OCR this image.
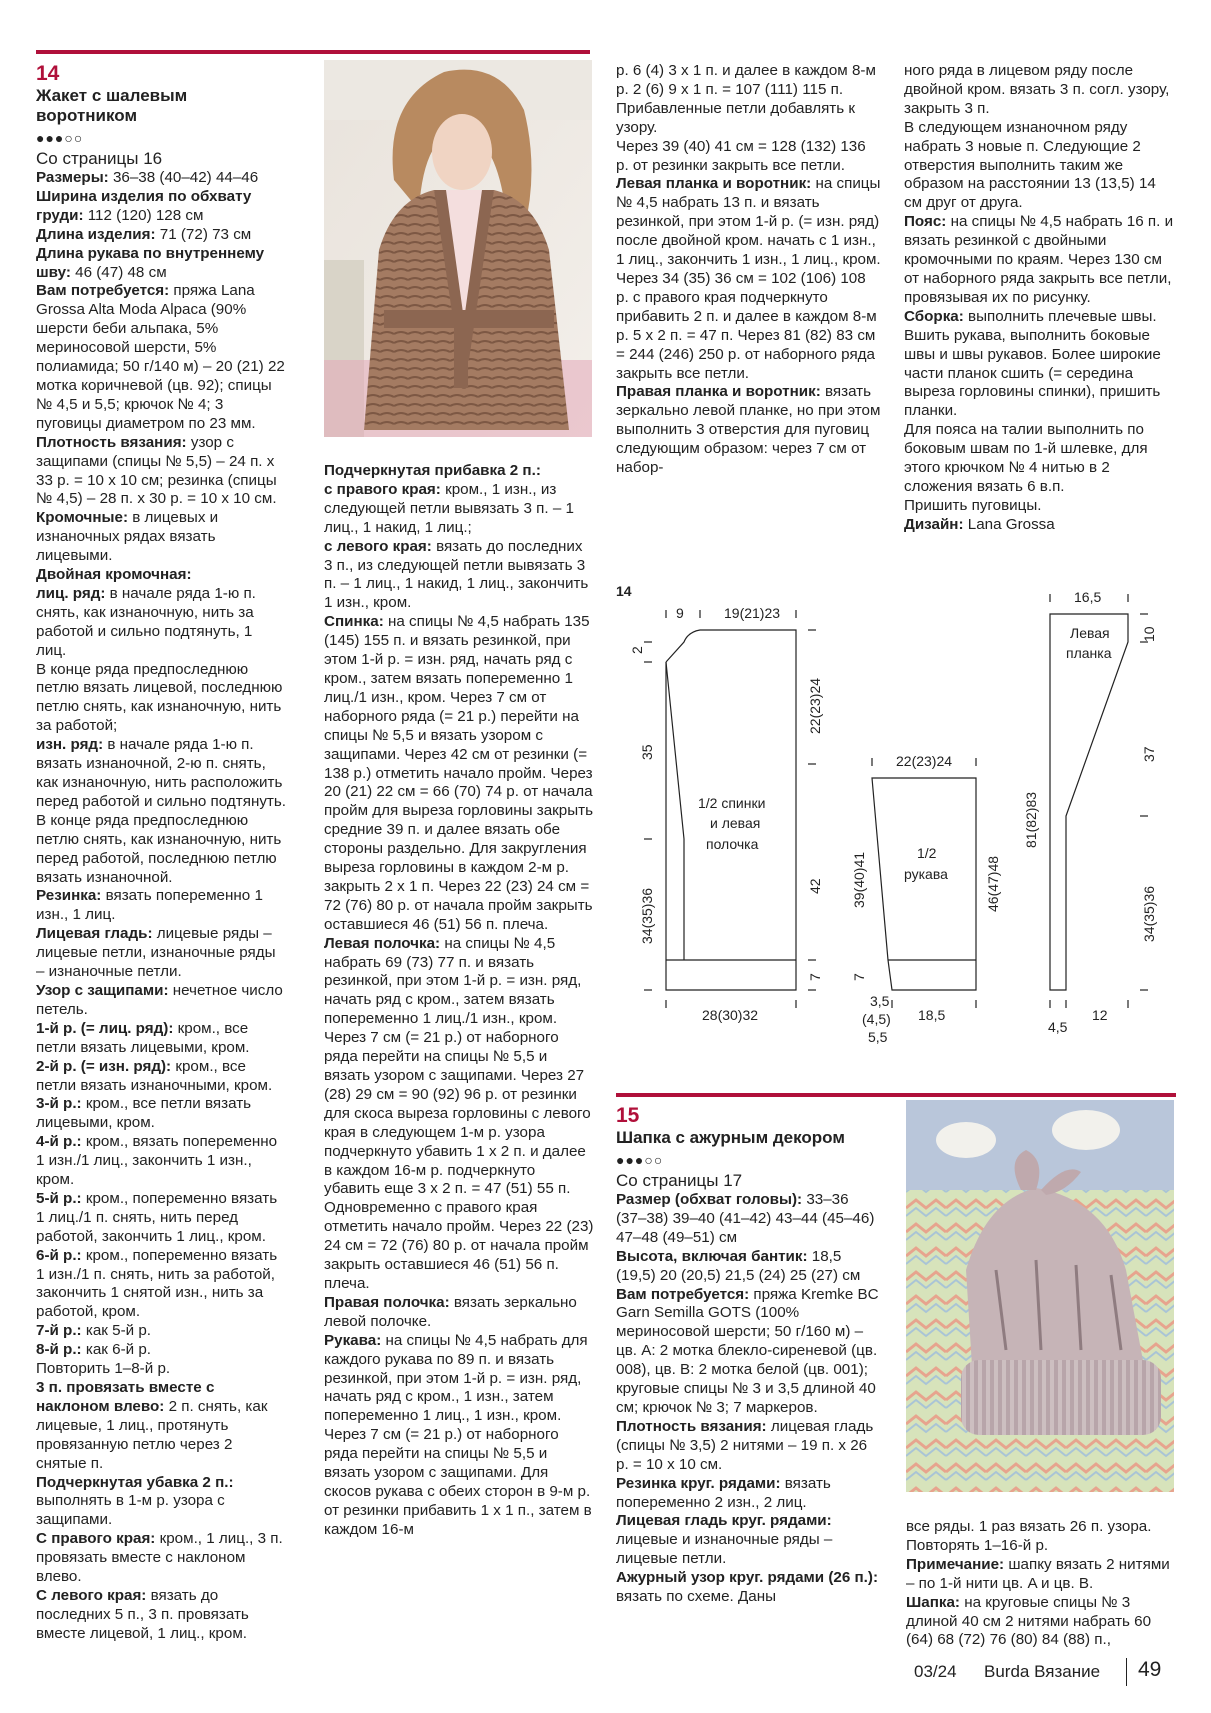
14
Жакет с шалевым воротником
●●●○○
Со страницы 16

Размеры: 36–38 (40–42) 44–46

Ширина изделия по обхвату груди: 112 (120) 128 см

Длина изделия: 71 (72) 73 см

Длина рукава по внутреннему шву: 46 (47) 48 см

Вам потребуется: пряжа Lana Grossa Alta Moda Alpaca (90% шерсти беби альпака, 5% мериносовой шерсти, 5% полиамида; 50 г/140 м) – 20 (21) 22 мотка коричневой (цв. 92); спицы № 4,5 и 5,5; крючок № 4; 3 пуговицы диаметром по 23 мм.

Плотность вязания: узор с защипами (спицы № 5,5) – 24 п. х 33 р. = 10 х 10 см; резинка (спицы № 4,5) – 28 п. х 30 р. = 10 х 10 см.

Кромочные: в лицевых и изнаночных рядах вязать лицевыми.

Двойная кромочная:

лиц. ряд: в начале ряда 1-ю п. снять, как изнаночную, нить за работой и сильно подтянуть, 1 лиц.

В конце ряда предпоследнюю петлю вязать лицевой, последнюю петлю снять, как изнаночную, нить за работой;

изн. ряд: в начале ряда 1-ю п. вязать изнаночной, 2-ю п. снять, как изнаночную, нить расположить перед работой и сильно подтянуть.

В конце ряда предпоследнюю петлю снять, как изнаночную, нить перед работой, последнюю петлю вязать изнаночной.

Резинка: вязать попеременно 1 изн., 1 лиц.

Лицевая гладь: лицевые ряды – лицевые петли, изнаночные ряды – изнаночные петли.

Узор с защипами: нечетное число петель.

1-й р. (= лиц. ряд): кром., все петли вязать лицевыми, кром.

2-й р. (= изн. ряд): кром., все петли вязать изнаночными, кром.

3-й р.: кром., все петли вязать лицевыми, кром.

4-й р.: кром., вязать попеременно 1 изн./1 лиц., закончить 1 изн., кром.

5-й р.: кром., попеременно вязать 1 лиц./1 п. снять, нить перед работой, закончить 1 лиц., кром.

6-й р.: кром., попеременно вязать 1 изн./1 п. снять, нить за работой, закончить 1 снятой изн., нить за работой, кром.

7-й р.: как 5-й р.

8-й р.: как 6-й р.

Повторить 1–8-й р.

3 п. провязать вместе с наклоном влево: 2 п. снять, как лицевые, 1 лиц., протянуть провязанную петлю через 2 снятые п.

Подчеркнутая убавка 2 п.: выполнять в 1-м р. узора с защипами.

С правого края: кром., 1 лиц., 3 п. провязать вместе с наклоном влево.

С левого края: вязать до последних 5 п., 3 п. провязать вместе лицевой, 1 лиц., кром.

Подчеркнутая прибавка 2 п.:

с правого края: кром., 1 изн., из следующей петли вывязать 3 п. – 1 лиц., 1 накид, 1 лиц.;

с левого края: вязать до последних 3 п., из следующей петли вывязать 3 п. – 1 лиц., 1 накид, 1 лиц., закончить 1 изн., кром.

Спинка: на спицы № 4,5 набрать 135 (145) 155 п. и вязать резинкой, при этом 1-й р. = изн. ряд, начать ряд с кром., затем вязать попеременно 1 лиц./1 изн., кром. Через 7 см от наборного ряда (= 21 р.) перейти на спицы № 5,5 и вязать узором с защипами. Через 42 см от резинки (= 138 р.) отметить начало пройм. Через 20 (21) 22 см = 66 (70) 74 р. от начала пройм для выреза горловины закрыть средние 39 п. и далее вязать обе стороны раздельно. Для закругления выреза горловины в каждом 2-м р. закрыть 2 х 1 п. Через 22 (23) 24 см = 72 (76) 80 р. от начала пройм закрыть оставшиеся 46 (51) 56 п. плеча.

Левая полочка: на спицы № 4,5 набрать 69 (73) 77 п. и вязать резинкой, при этом 1-й р. = изн. ряд, начать ряд с кром., затем вязать попеременно 1 лиц./1 изн., кром. Через 7 см (= 21 р.) от наборного ряда перейти на спицы № 5,5 и вязать узором с защипами. Через 27 (28) 29 см = 90 (92) 96 р. от резинки для скоса выреза горловины с левого края в следующем 1-м р. узора подчеркнуто убавить 1 х 2 п. и далее в каждом 16-м р. подчеркнуто убавить еще 3 х 2 п. = 47 (51) 55 п. Одновременно с правого края отметить начало пройм. Через 22 (23) 24 см = 72 (76) 80 р. от начала пройм закрыть оставшиеся 46 (51) 56 п. плеча.

Правая полочка: вязать зеркально левой полочке.

Рукава: на спицы № 4,5 набрать для каждого рукава по 89 п. и вязать резинкой, при этом 1-й р. = изн. ряд, начать ряд с кром., 1 изн., затем попеременно 1 лиц., 1 изн., кром. Через 7 см (= 21 р.) от наборного ряда перейти на спицы № 5,5 и вязать узором с защипами. Для скосов рукава с обеих сторон в 9-м р. от резинки прибавить 1 х 1 п., затем в каждом 16-м

р. 6 (4) 3 х 1 п. и далее в каждом 8-м р. 2 (6) 9 х 1 п. = 107 (111) 115 п.

Прибавленные петли добавлять к узору.

Через 39 (40) 41 см = 128 (132) 136 р. от резинки закрыть все петли.

Левая планка и воротник: на спицы № 4,5 набрать 13 п. и вязать резинкой, при этом 1-й р. (= изн. ряд) после двойной кром. начать с 1 изн., 1 лиц., закончить 1 изн., 1 лиц., кром.

Через 34 (35) 36 см = 102 (106) 108 р. с правого края подчеркнуто прибавить 2 п. и далее в каждом 8-м р. 5 х 2 п. = 47 п. Через 81 (82) 83 см = 244 (246) 250 р. от наборного ряда закрыть все петли.

Правая планка и воротник: вязать зеркально левой планке, но при этом выполнить 3 отверстия для пуговиц следующим образом: через 7 см от набор-

ного ряда в лицевом ряду после двойной кром. вязать 3 п. согл. узору, закрыть 3 п.

В следующем изнаночном ряду набрать 3 новые п. Следующие 2 отверстия выполнить таким же образом на расстоянии 13 (13,5) 14 см друг от друга.

Пояс: на спицы № 4,5 набрать 16 п. и вязать резинкой с двойными кромочными по краям. Через 130 см от наборного ряда закрыть все петли, провязывая их по рисунку.

Сборка: выполнить плечевые швы. Вшить рукава, выполнить боковые швы и швы рукавов. Более широкие части планок сшить (= середина выреза горловины спинки), пришить планки.

Для пояса на талии выполнить по боковым швам по 1-й шлевке, для этого крючком № 4 нитью в 2 сложения вязать 6 в.п.

Пришить пуговицы.

Дизайн: Lana Grossa

14
1/2 спинки
и левая
полочка
9	19(21)23
2
35
34(35)36
22(23)24
42
7
28(30)32
1/2
рукава
22(23)24
39(40)41
7
46(47)48
3,5
(4,5)
5,5
18,5
Левая
планка
16,5
10
37
34(35)36
81(82)83
12
4,5
15
Шапка с ажурным декором
●●●○○
Со страницы 17

Размер (обхват головы): 33–36 (37–38) 39–40 (41–42) 43–44 (45–46) 47–48 (49–51) см

Высота, включая бантик: 18,5 (19,5) 20 (20,5) 21,5 (24) 25 (27) см

Вам потребуется: пряжа Kremke BC Garn Semilla GOTS (100% мериносовой шерсти; 50 г/160 м) – цв. A: 2 мотка блекло-сиреневой (цв. 008), цв. B: 2 мотка белой (цв. 001); круговые спицы № 3 и 3,5 длиной 40 см; крючок № 3; 7 маркеров.

Плотность вязания: лицевая гладь (спицы № 3,5) 2 нитями – 19 п. х 26 р. = 10 х 10 см.

Резинка круг. рядами: вязать попеременно 2 изн., 2 лиц.

Лицевая гладь круг. рядами: лицевые и изнаночные ряды – лицевые петли.

Ажурный узор круг. рядами (26 п.): вязать по схеме. Даны

все ряды. 1 раз вязать 26 п. узора. Повторять 1–16-й р.

Примечание: шапку вязать 2 нитями – по 1-й нити цв. A и цв. B.

Шапка: на круговые спицы № 3 длиной 40 см 2 нитями набрать 60 (64) 68 (72) 76 (80) 84 (88) п.,

03/24 Burda Вязание 49
